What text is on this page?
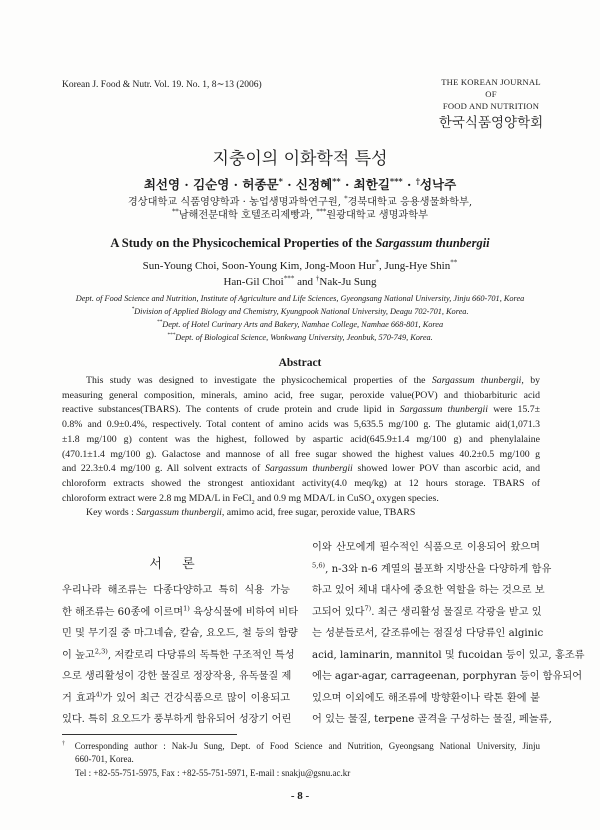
Korean J. Food & Nutr. Vol. 19. No. 1, 8∼13 (2006)	THE KOREAN JOURNAL OF
FOOD AND NUTRITION
한국식품영양학회
지충이의 이화학적 특성
최선영 · 김순영 · 허종문* · 신정혜** · 최한길*** · †성낙주
경상대학교 식품영양학과 · 농업생명과학연구원, *경북대학교 응용생물화학부,
**남해전문대학 호텔조리제빵과, ***원광대학교 생명과학부
A Study on the Physicochemical Properties of the Sargassum thunbergii
Sun-Young Choi, Soon-Young Kim, Jong-Moon Hur*, Jung-Hye Shin**
Han-Gil Choi*** and †Nak-Ju Sung
Dept. of Food Science and Nutrition, Institute of Agriculture and Life Sciences, Gyeongsang National University, Jinju 660-701, Korea
*Division of Applied Biology and Chemistry, Kyungpook National University, Deagu 702-701, Korea.
**Dept. of Hotel Curinary Arts and Bakery, Namhae College, Namhae 668-801, Korea
***Dept. of Biological Science, Wonkwang University, Jeonbuk, 570-749, Korea.
Abstract
This study was designed to investigate the physicochemical properties of the Sargassum thunbergii, by
measuring general composition, minerals, amino acid, free sugar, peroxide value(POV) and thiobarbituric acid
reactive substances(TBARS). The contents of crude protein and crude lipid in Sargassum thunbergii were 15.7±
0.8% and 0.9±0.4%, respectively. Total content of amino acids was 5,635.5 mg/100 g. The glutamic aid(1,071.3
±1.8 mg/100 g) content was the highest, followed by aspartic acid(645.9±1.4 mg/100 g) and phenylalaine
(470.1±1.4 mg/100 g). Galactose and mannose of all free sugar showed the highest values 40.2±0.5 mg/100 g
and 22.3±0.4 mg/100 g. All solvent extracts of Sargassum thunbergii showed lower POV than ascorbic acid, and
chloroform extracts showed the strongest antioxidant activity(4.0 meq/kg) at 12 hours storage. TBARS of
chloroform extract were 2.8 mg MDA/L in FeCl$_2$ and 0.9 mg MDA/L in CuSO$_4$ oxygen species.
Key words : Sargassum thunbergii, amimo acid, free sugar, peroxide value, TBARS
서 론
우리나라 해조류는 다종다양하고 특히 식용 가능
한 해조류는 60종에 이르며$^{1)}$ 육상식물에 비하여 비타
민 및 무기질 중 마그네슘, 칼슘, 요오드, 철 등의 함량
이 높고$^{2,3)}$, 저칼로리 다당류의 독특한 구조적인 특성
으로 생리활성이 강한 물질로 정장작용, 유독물질 제
거 효과$^{4)}$가 있어 최근 건강식품으로 많이 이용되고
있다. 특히 요오드가 풍부하게 함유되어 성장기 어린
이와 산모에게 필수적인 식품으로 이용되어 왔으며
$^{5,6)}$, n-3와 n-6 계열의 불포화 지방산을 다양하게 함유
하고 있어 체내 대사에 중요한 역할을 하는 것으로 보
고되어 있다$^{7)}$. 최근 생리활성 물질로 각광을 받고 있
는 성분들로서, 갈조류에는 점질성 다당류인 alginic
acid, laminarin, mannitol 및 fucoidan 등이 있고, 홍조류
에는 agar-agar, carrageenan, porphyran 등이 함유되어
있으며 이외에도 해조류에 방향환이나 락톤 환에 붙
어 있는 물질, terpene 골격을 구성하는 물질, 페놀류,
† Corresponding author : Nak-Ju Sung, Dept. of Food Science and Nutrition, Gyeongsang National University, Jinju
660-701, Korea.
Tel : +82-55-751-5975, Fax : +82-55-751-5971, E-mail : snakju@gsnu.ac.kr
- 8 -
